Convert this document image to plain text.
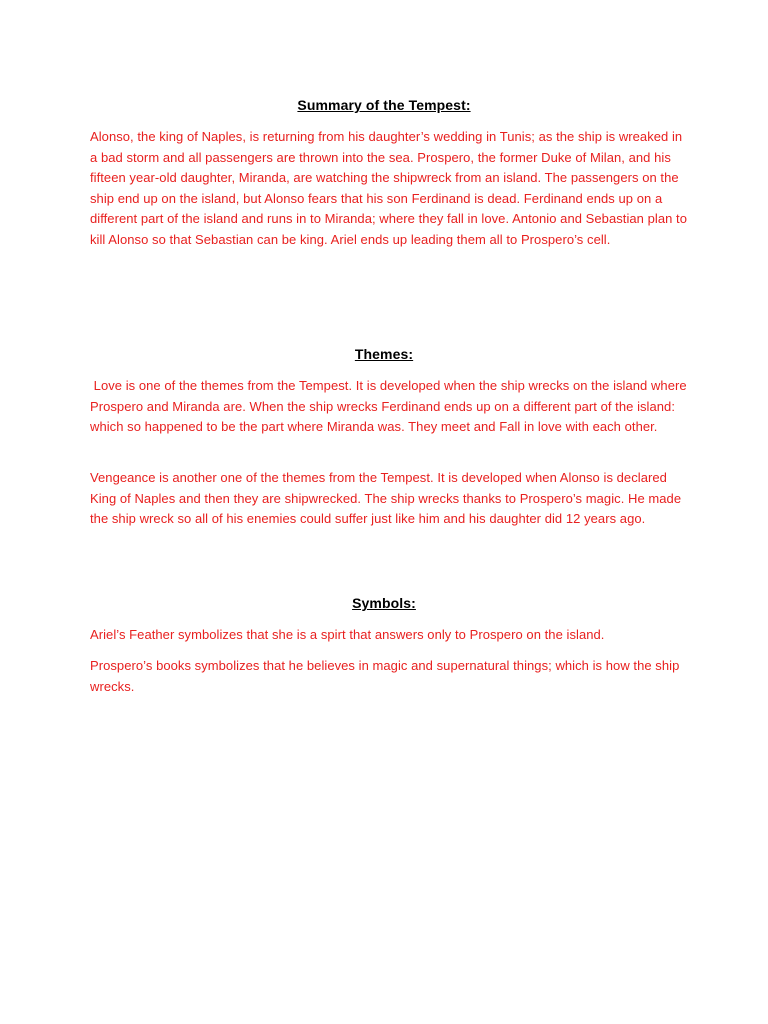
Summary of the Tempest:

Alonso, the king of Naples, is returning from his daughter’s wedding in Tunis; as the ship is wreaked in a bad storm and all passengers are thrown into the sea. Prospero, the former Duke of Milan, and his fifteen year-old daughter, Miranda, are watching the shipwreck from an island. The passengers on the ship end up on the island, but Alonso fears that his son Ferdinand is dead. Ferdinand ends up on a different part of the island and runs in to Miranda; where they fall in love. Antonio and Sebastian plan to kill Alonso so that Sebastian can be king. Ariel ends up leading them all to Prospero’s cell.

Themes:

Love is one of the themes from the Tempest. It is developed when the ship wrecks on the island where Prospero and Miranda are. When the ship wrecks Ferdinand ends up on a different part of the island: which so happened to be the part where Miranda was. They meet and Fall in love with each other.

Vengeance is another one of the themes from the Tempest. It is developed when Alonso is declared King of Naples and then they are shipwrecked. The ship wrecks thanks to Prospero’s magic. He made the ship wreck so all of his enemies could suffer just like him and his daughter did 12 years ago.

Symbols:

Ariel’s Feather symbolizes that she is a spirt that answers only to Prospero on the island.

Prospero’s books symbolizes that he believes in magic and supernatural things; which is how the ship wrecks.
